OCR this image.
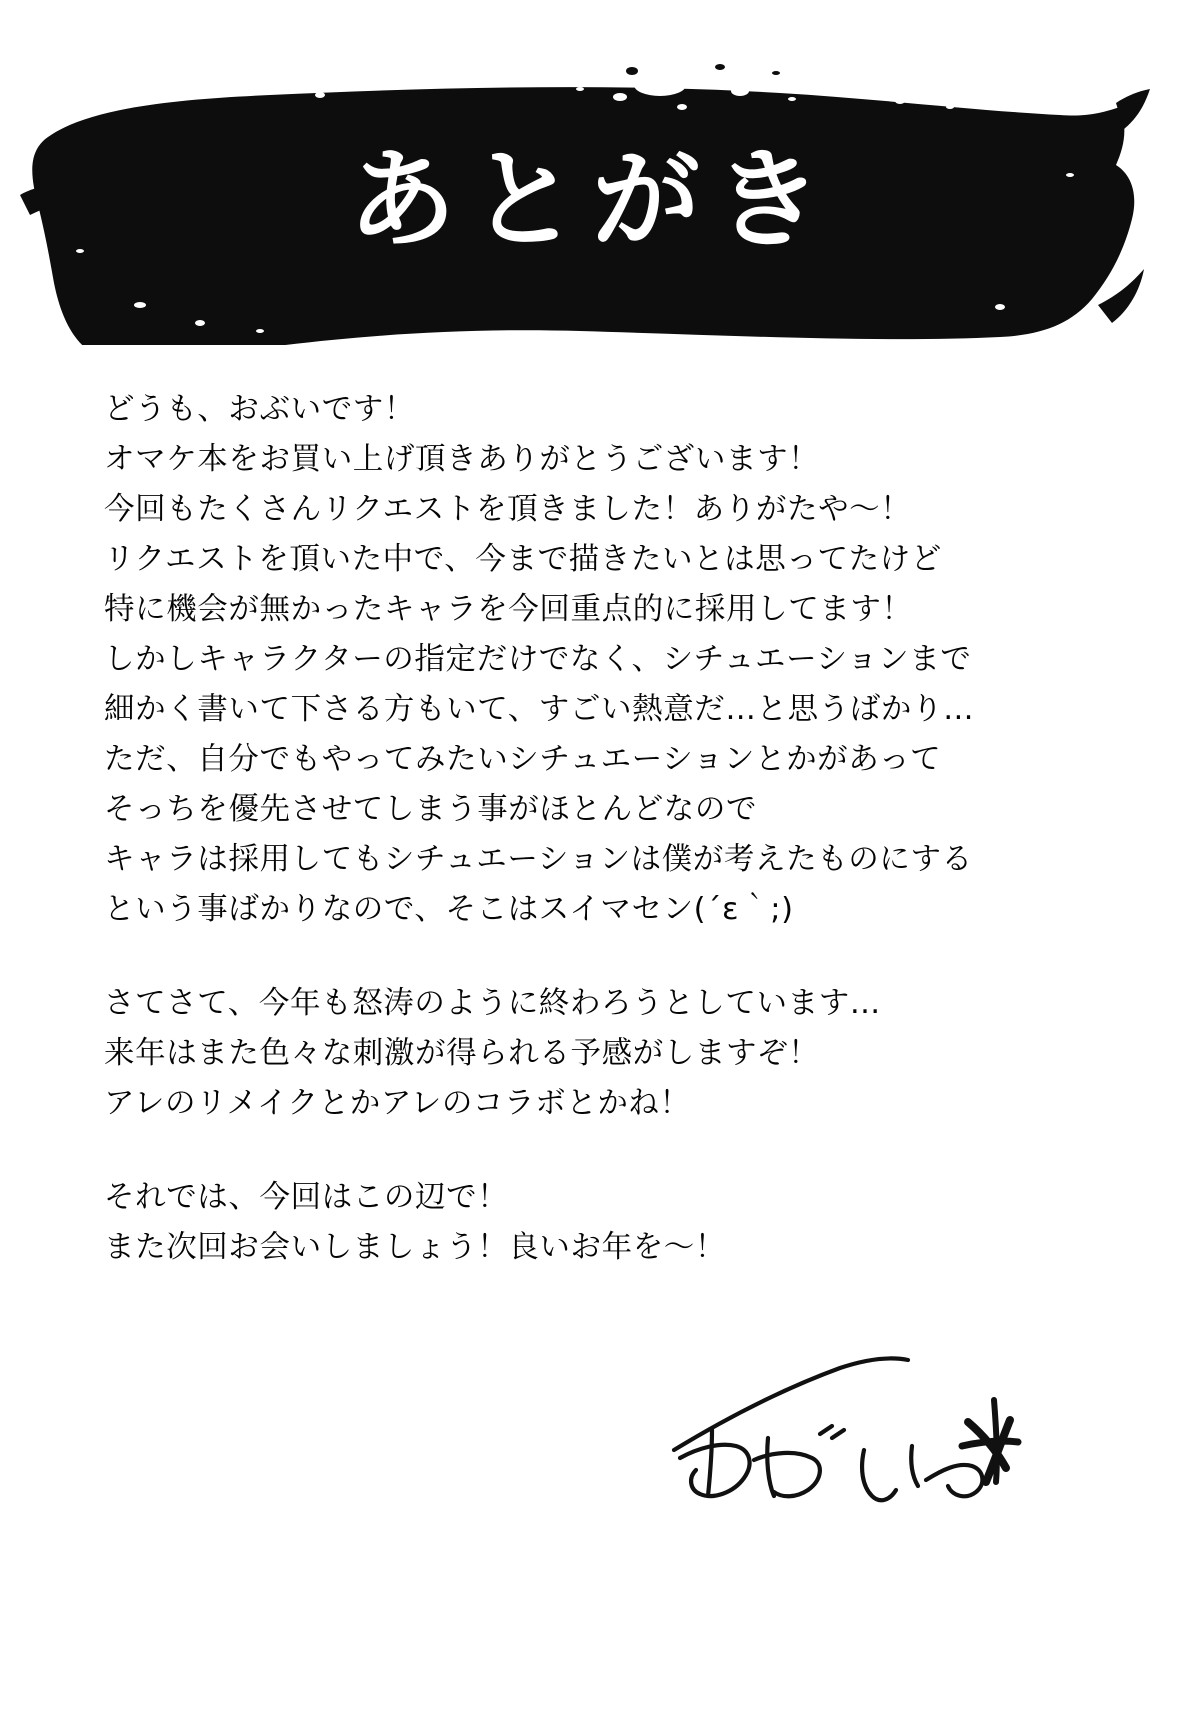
あとがき
どうも、おぶいです！
オマケ本をお買い上げ頂きありがとうございます！
今回もたくさんリクエストを頂きました！ありがたや〜！
リクエストを頂いた中で、今まで描きたいとは思ってたけど
特に機会が無かったキャラを今回重点的に採用してます！
しかしキャラクターの指定だけでなく、シチュエーションまで
細かく書いて下さる方もいて、すごい熱意だ…と思うばかり…
ただ、自分でもやってみたいシチュエーションとかがあって
そっちを優先させてしまう事がほとんどなので
キャラは採用してもシチュエーションは僕が考えたものにする
という事ばかりなので、そこはスイマセン(´ε｀;)
さてさて、今年も怒涛のように終わろうとしています…
来年はまた色々な刺激が得られる予感がしますぞ！
アレのリメイクとかアレのコラボとかね！
それでは、今回はこの辺で！
また次回お会いしましょう！良いお年を〜！
